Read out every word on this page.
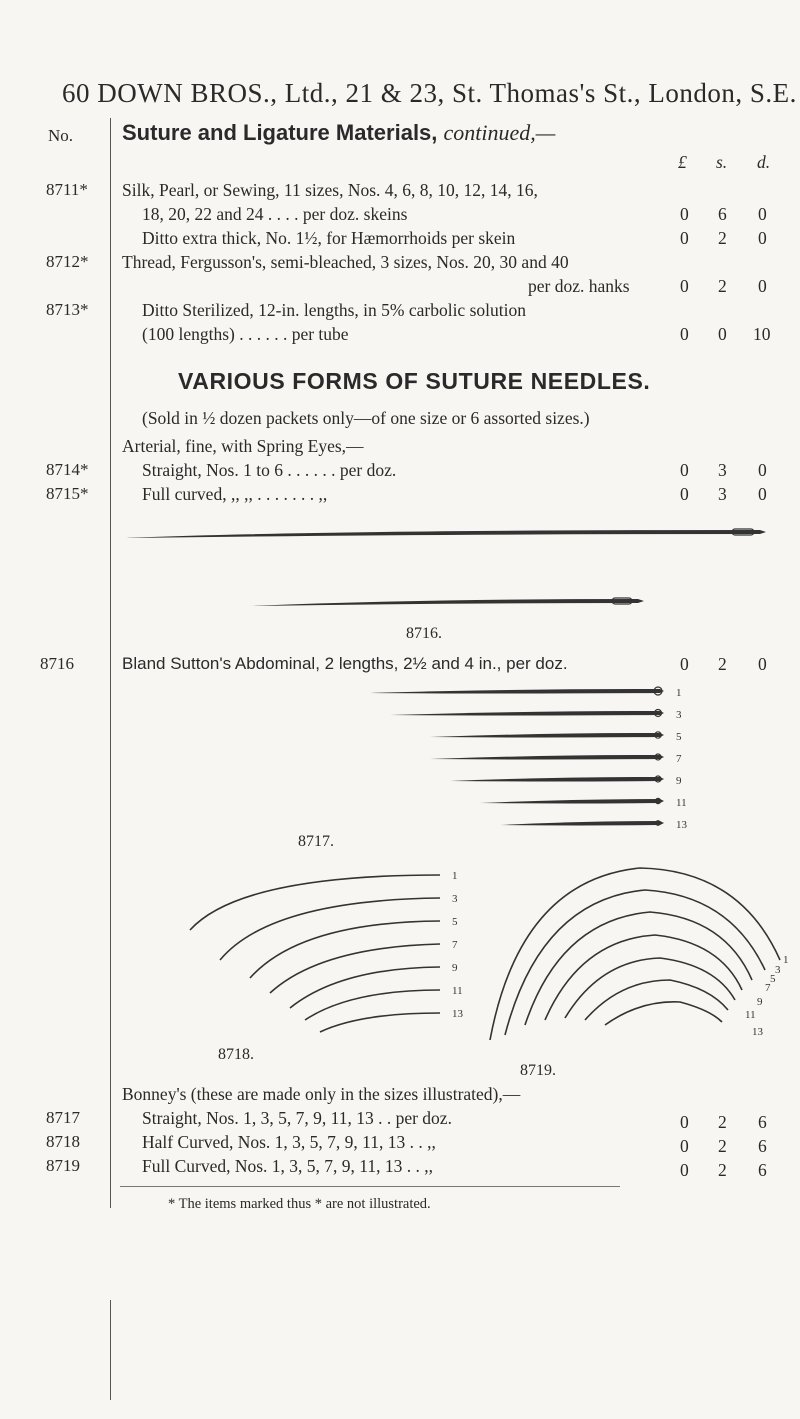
60 DOWN BROS., Ltd., 21 & 23, St. Thomas's St., London, S.E.
No. Suture and Ligature Materials, continued,—
£ s. d.
8711* Silk, Pearl, or Sewing, 11 sizes, Nos. 4, 6, 8, 10, 12, 14, 16,
18, 20, 22 and 24 . . . . per doz. skeins	0 6 0
Ditto extra thick, No. 1½, for Hæmorrhoids per skein	0 2 0
8712* Thread, Fergusson's, semi-bleached, 3 sizes, Nos. 20, 30 and 40
per doz. hanks	0 2 0
8713*	Ditto Sterilized, 12-in. lengths, in 5% carbolic solution
(100 lengths) . . . . . . per tube	0 0 10
VARIOUS FORMS OF SUTURE NEEDLES.
(Sold in ½ dozen packets only—of one size or 6 assorted sizes.)
Arterial, fine, with Spring Eyes,—
8714*	Straight, Nos. 1 to 6 . . . . . . per doz.	0 3 0
8715*	Full curved, ,, ,, . . . . . . . ,,	0 3 0
8716.
8716	Bland Sutton's Abdominal, 2 lengths, 2½ and 4 in., per doz.	0 2 0
1
3
5
7
9
11
13
8717.
1
3
5
7
9
11
13
8718.
1
3
5
7
9
11
13
8719.
Bonney's (these are made only in the sizes illustrated),—
8717	Straight, Nos. 1, 3, 5, 7, 9, 11, 13 . . per doz.	0 2 6
8718	Half Curved, Nos. 1, 3, 5, 7, 9, 11, 13 . . ,,	0 2 6
8719	Full Curved, Nos. 1, 3, 5, 7, 9, 11, 13 . . ,,	0 2 6
* The items marked thus * are not illustrated.
